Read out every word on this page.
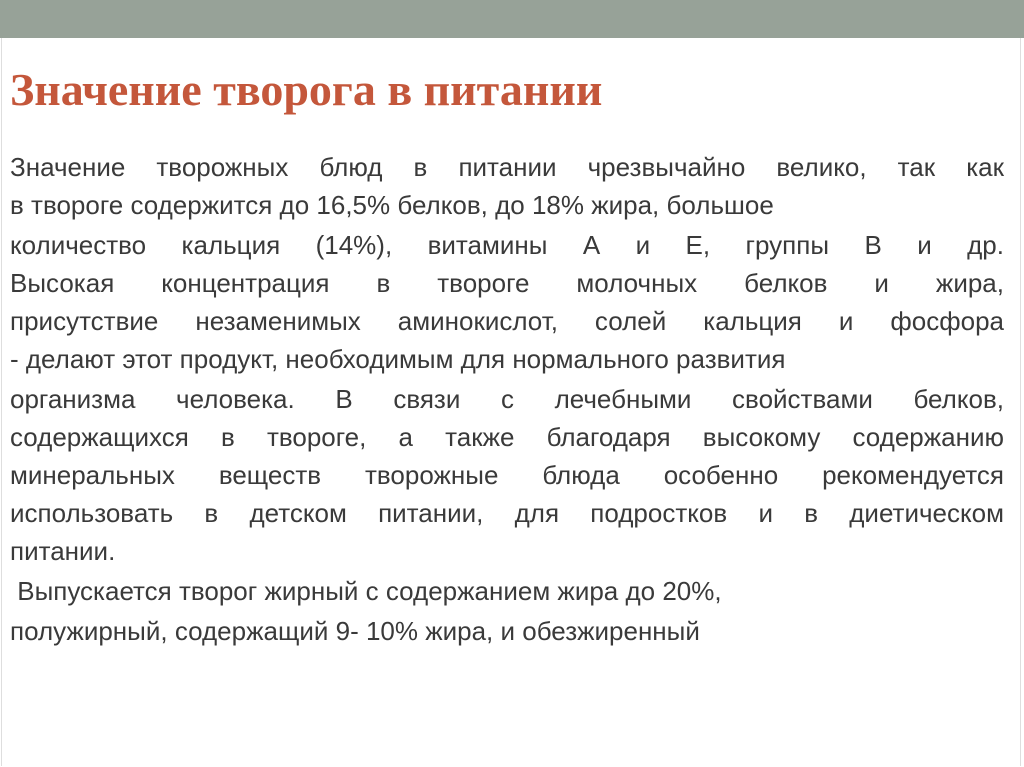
Значение творога в питании

Значение творожных блюд в питании чрезвычайно велико, так как
в твороге содержится до 16,5% белков, до 18% жира, большое

количество кальция (14%), витамины А и Е, группы В и др.
Высокая концентрация в твороге молочных белков и жира,
присутствие незаменимых аминокислот, солей кальция и фосфора
- делают этот продукт, необходимым для нормального развития

организма человека. В связи с лечебными свойствами белков,
содержащихся в твороге, а также благодаря высокому содержанию
минеральных веществ творожные блюда особенно рекомендуется
использовать в детском питании, для подростков и в диетическом
питании.

Выпускается творог жирный с содержанием жира до 20%,

полужирный, содержащий 9- 10% жира, и обезжиренный
